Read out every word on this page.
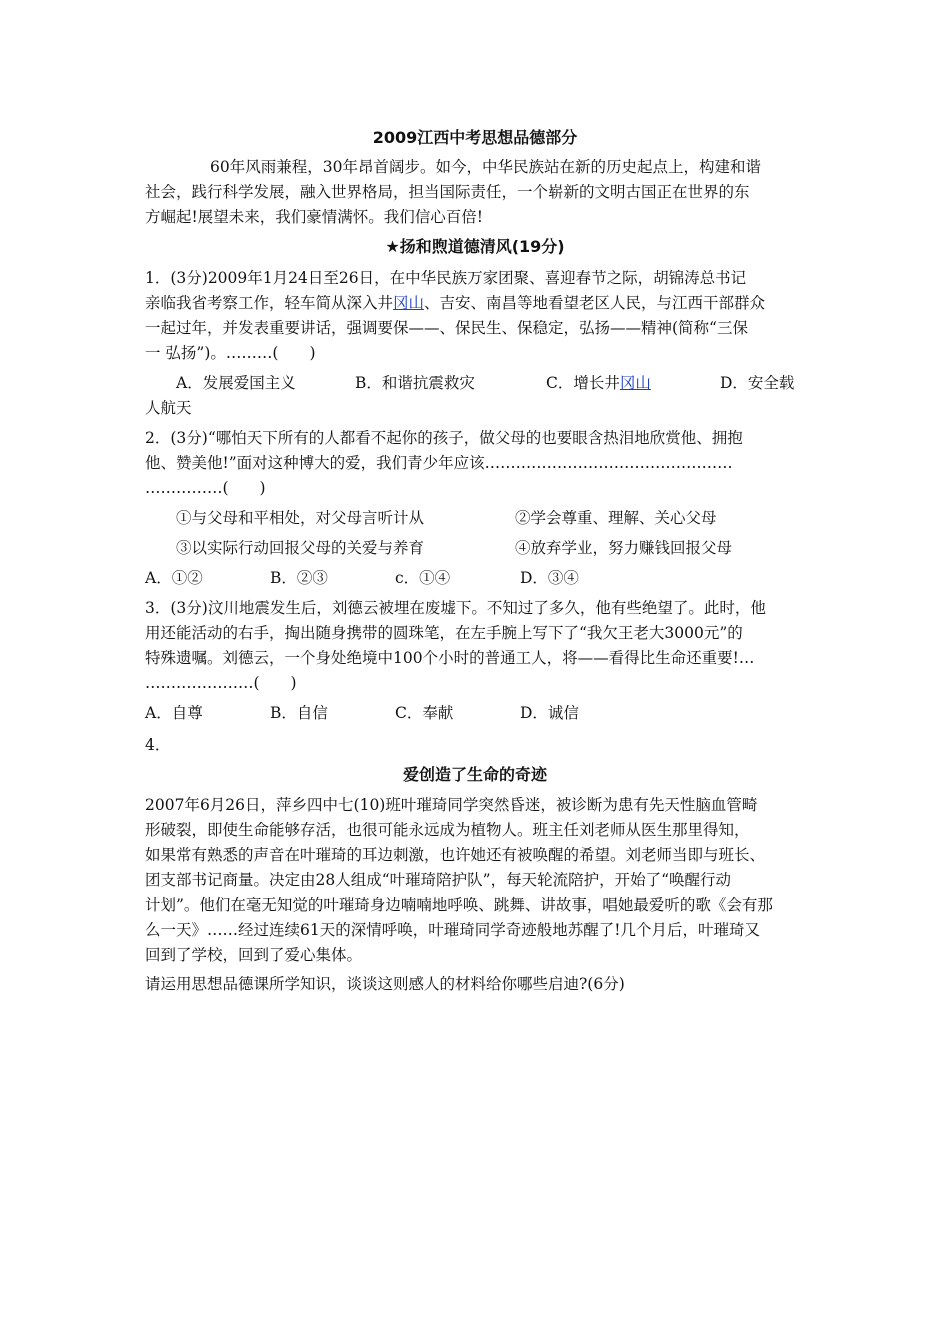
2009江西中考思想品德部分
60年风雨兼程，30年昂首阔步。如今，中华民族站在新的历史起点上，构建和谐
社会，践行科学发展，融入世界格局，担当国际责任，一个崭新的文明古国正在世界的东
方崛起!展望未来，我们豪情满怀。我们信心百倍!
★扬和煦道德清风(19分)
1．(3分)2009年1月24日至26日，在中华民族万家团聚、喜迎春节之际，胡锦涛总书记
亲临我省考察工作，轻车简从深入井冈山、吉安、南昌等地看望老区人民，与江西干部群众
一起过年，并发表重要讲话，强调要保——、保民生、保稳定，弘扬——精神(简称“三保
一 弘扬”)。………(　　)
A．发展爱国主义	B．和谐抗震救灾	C．增长井冈山	D．安全载
人航天
2．(3分)“哪怕天下所有的人都看不起你的孩子，做父母的也要眼含热泪地欣赏他、拥抱
他、赞美他!”面对这种博大的爱，我们青少年应该…………………………………………
……………(　　)
①与父母和平相处，对父母言听计从	②学会尊重、理解、关心父母
③以实际行动回报父母的关爱与养育	④放弃学业，努力赚钱回报父母
A．①②	B．②③	c．①④	D．③④
3．(3分)汶川地震发生后，刘德云被埋在废墟下。不知过了多久，他有些绝望了。此时，他
用还能活动的右手，掏出随身携带的圆珠笔，在左手腕上写下了“我欠王老大3000元”的
特殊遗嘱。刘德云，一个身处绝境中100个小时的普通工人，将——看得比生命还重要!…
…………………(　　)
A．自尊	B．自信	C．奉献	D．诚信
4．
爱创造了生命的奇迹
2007年6月26日，萍乡四中七(10)班叶璀琦同学突然昏迷，被诊断为患有先天性脑血管畸
形破裂，即使生命能够存活，也很可能永远成为植物人。班主任刘老师从医生那里得知，
如果常有熟悉的声音在叶璀琦的耳边刺激，也许她还有被唤醒的希望。刘老师当即与班长、
团支部书记商量。决定由28人组成“叶璀琦陪护队”，每天轮流陪护，开始了“唤醒行动
计划”。他们在毫无知觉的叶璀琦身边喃喃地呼唤、跳舞、讲故事，唱她最爱听的歌《会有那
么一天》……经过连续61天的深情呼唤，叶璀琦同学奇迹般地苏醒了!几个月后，叶璀琦又
回到了学校，回到了爱心集体。
请运用思想品德课所学知识，谈谈这则感人的材料给你哪些启迪?(6分)
